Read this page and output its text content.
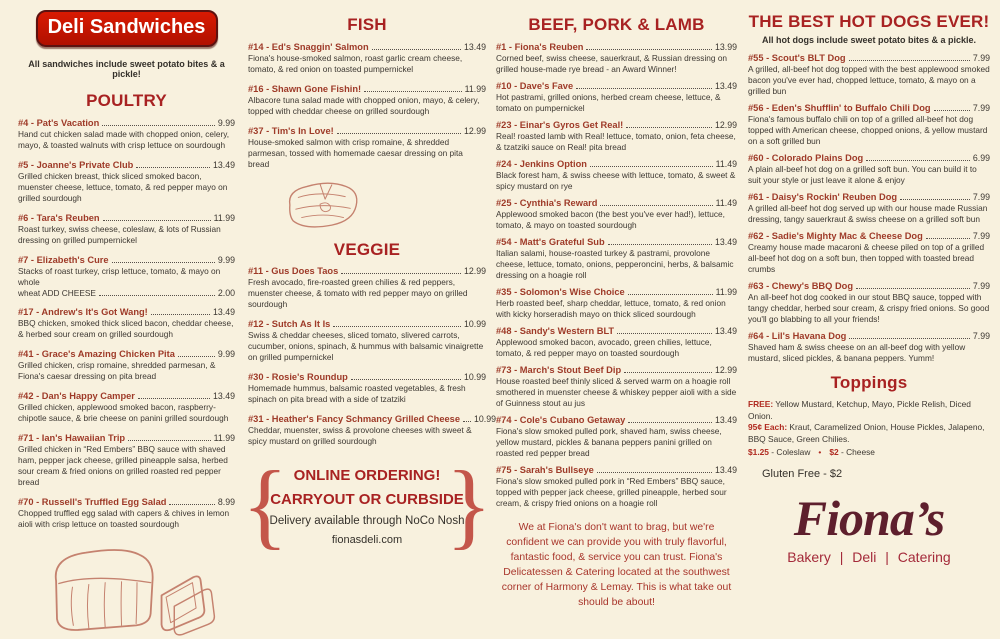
Deli Sandwiches
All sandwiches include sweet potato bites & a pickle!
POULTRY
#4 - Pat's Vacation	9.99
Hand cut chicken salad made with chopped onion, celery, mayo, & toasted walnuts with crisp lettuce on sourdough
#5 - Joanne's Private Club	13.49
Grilled chicken breast, thick sliced smoked bacon, muenster cheese, lettuce, tomato, & red pepper mayo on grilled sourdough
#6 - Tara's Reuben	11.99
Roast turkey, swiss cheese, coleslaw, & lots of Russian dressing on grilled pumpernickel
#7 - Elizabeth's Cure	9.99
Stacks of roast turkey, crisp lettuce, tomato, & mayo on whole
wheat ADD CHEESE	2.00
#17 - Andrew's It's Got Wang!	13.49
BBQ chicken, smoked thick sliced bacon, cheddar cheese, & herbed sour cream on grilled sourdough
#41 - Grace's Amazing Chicken Pita	9.99
Grilled chicken, crisp romaine, shredded parmesan, & Fiona's caesar dressing on pita bread
#42 - Dan's Happy Camper	13.49
Grilled chicken, applewood smoked bacon, raspberry-chipotle sauce, & brie cheese on panini grilled sourdough
#71 - Ian's Hawaiian Trip	11.99
Grilled chicken in “Red Embers” BBQ sauce with shaved ham, pepper jack cheese, grilled pineapple salsa, herbed sour cream & fried onions on grilled roasted red pepper bread
#70 - Russell's Truffled Egg Salad	8.99
Chopped truffled egg salad with capers & chives in lemon aioli with crisp lettuce on toasted sourdough
FISH
#14 - Ed's Snaggin' Salmon	13.49
Fiona's house-smoked salmon, roast garlic cream cheese, tomato, & red onion on toasted pumpernickel
#16 - Shawn Gone Fishin!	11.99
Albacore tuna salad made with chopped onion, mayo, & celery, topped with cheddar cheese on grilled sourdough
#37 - Tim's In Love!	12.99
House-smoked salmon with crisp romaine, & shredded parmesan, tossed with homemade caesar dressing on pita bread
VEGGIE
#11 - Gus Does Taos	12.99
Fresh avocado, fire-roasted green chilies & red peppers, muenster cheese, & tomato with red pepper mayo on grilled sourdough
#12 - Sutch As It Is	10.99
Swiss & cheddar cheeses, sliced tomato, slivered carrots, cucumber, onions, spinach, & hummus with balsamic vinaigrette on grilled pumpernickel
#30 - Rosie's Roundup	10.99
Homemade hummus, balsamic roasted vegetables, & fresh spinach on pita bread with a side of tzatziki
#31 - Heather's Fancy Schmancy Grilled Cheese 10.99
Cheddar, muenster, swiss & provolone cheeses with sweet & spicy mustard on grilled sourdough
{ }
ONLINE ORDERING!
CARRYOUT OR CURBSIDE
Delivery available through NoCo Nosh
fionasdeli.com
BEEF, PORK & LAMB
#1 - Fiona's Reuben	13.99
Corned beef, swiss cheese, sauerkraut, & Russian dressing on grilled house-made rye bread - an Award Winner!
#10 - Dave's Fave	13.49
Hot pastrami, grilled onions, herbed cream cheese, lettuce, & tomato on pumpernickel
#23 - Einar's Gyros Get Real!	12.99
Real! roasted lamb with Real! lettuce, tomato, onion, feta cheese, & tzatziki sauce on Real! pita bread
#24 - Jenkins Option	11.49
Black forest ham, & swiss cheese with lettuce, tomato, & sweet & spicy mustard on rye
#25 - Cynthia's Reward	11.49
Applewood smoked bacon (the best you've ever had!), lettuce, tomato, & mayo on toasted sourdough
#54 - Matt's Grateful Sub	13.49
Italian salami, house-roasted turkey & pastrami, provolone cheese, lettuce, tomato, onions, pepperoncini, herbs, & balsamic dressing on a hoagie roll
#35 - Solomon's Wise Choice	11.99
Herb roasted beef, sharp cheddar, lettuce, tomato, & red onion with kicky horseradish mayo on thick sliced sourdough
#48 - Sandy's Western BLT	13.49
Applewood smoked bacon, avocado, green chilies, lettuce, tomato, & red pepper mayo on toasted sourdough
#73 - March's Stout Beef Dip	12.99
House roasted beef thinly sliced & served warm on a hoagie roll smothered in muenster cheese & whiskey pepper aioli with a side of Guinness stout au jus
#74 - Cole's Cubano Getaway	13.49
Fiona's slow smoked pulled pork, shaved ham, swiss cheese, yellow mustard, pickles & banana peppers panini grilled on roasted red pepper bread
#75 - Sarah's Bullseye	13.49
Fiona's slow smoked pulled pork in “Red Embers” BBQ sauce, topped with pepper jack cheese, grilled pineapple, herbed sour cream, & crispy fried onions on a hoagie roll
We at Fiona's don't want to brag, but we're confident we can provide you with truly flavorful, fantastic food, & service you can trust. Fiona's Delicatessen & Catering located at the southwest corner of Harmony & Lemay. This is what take out should be about!
THE BEST HOT DOGS EVER!
All hot dogs include sweet potato bites & a pickle.
#55 - Scout's BLT Dog	7.99
A grilled, all-beef hot dog topped with the best applewood smoked bacon you've ever had, chopped lettuce, tomato, & mayo on a grilled bun
#56 - Eden's Shufflin' to Buffalo Chili Dog	7.99
Fiona's famous buffalo chili on top of a grilled all-beef hot dog topped with American cheese, chopped onions, & yellow mustard on a soft grilled bun
#60 - Colorado Plains Dog	6.99
A plain all-beef hot dog on a grilled soft bun. You can build it to suit your style or just leave it alone & enjoy
#61 - Daisy's Rockin' Reuben Dog	7.99
A grilled all-beef hot dog served up with our house made Russian dressing, tangy sauerkraut & swiss cheese on a grilled soft bun
#62 - Sadie's Mighty Mac & Cheese Dog	7.99
Creamy house made macaroni & cheese piled on top of a grilled all-beef hot dog on a soft bun, then topped with toasted bread crumbs
#63 - Chewy's BBQ Dog	7.99
An all-beef hot dog cooked in our stout BBQ sauce, topped with tangy cheddar, herbed sour cream, & crispy fried onions. So good you'll go blabbing to all your friends!
#64 - Lil's Havana Dog	7.99
Shaved ham & swiss cheese on an all-beef dog with yellow mustard, sliced pickles, & banana peppers. Yumm!
Toppings
FREE: Yellow Mustard, Ketchup, Mayo, Pickle Relish, Diced Onion.
95¢ Each: Kraut, Caramelized Onion, House Pickles, Jalapeno, BBQ Sauce, Green Chilies.
$1.25 - Coleslaw • $2 - Cheese
Gluten Free - $2
Fiona’s
Bakery | Deli | Catering
